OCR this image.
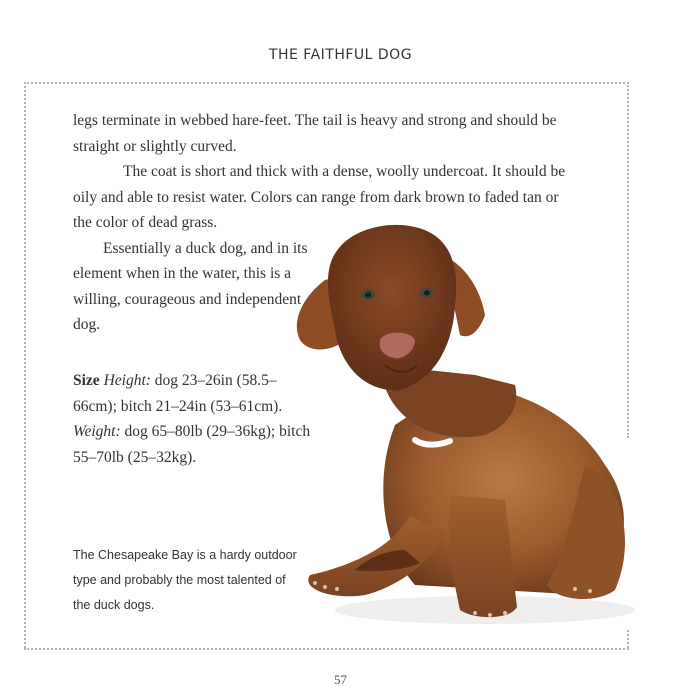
THE FAITHFUL DOG

legs terminate in webbed hare-feet. The tail is heavy and strong and should be straight or slightly curved.

The coat is short and thick with a dense, woolly undercoat. It should be oily and able to resist water. Colors can range from dark brown to faded tan or the color of dead grass.

Essentially a duck dog, and in its element when in the water, this is a willing, courageous and independent dog.

Size Height: dog 23–26in (58.5–66cm); bitch 21–24in (53–61cm). Weight: dog 65–80lb (29–36kg); bitch 55–70lb (25–32kg).
The Chesapeake Bay is a hardy outdoor type and probably the most talented of the duck dogs.
57
